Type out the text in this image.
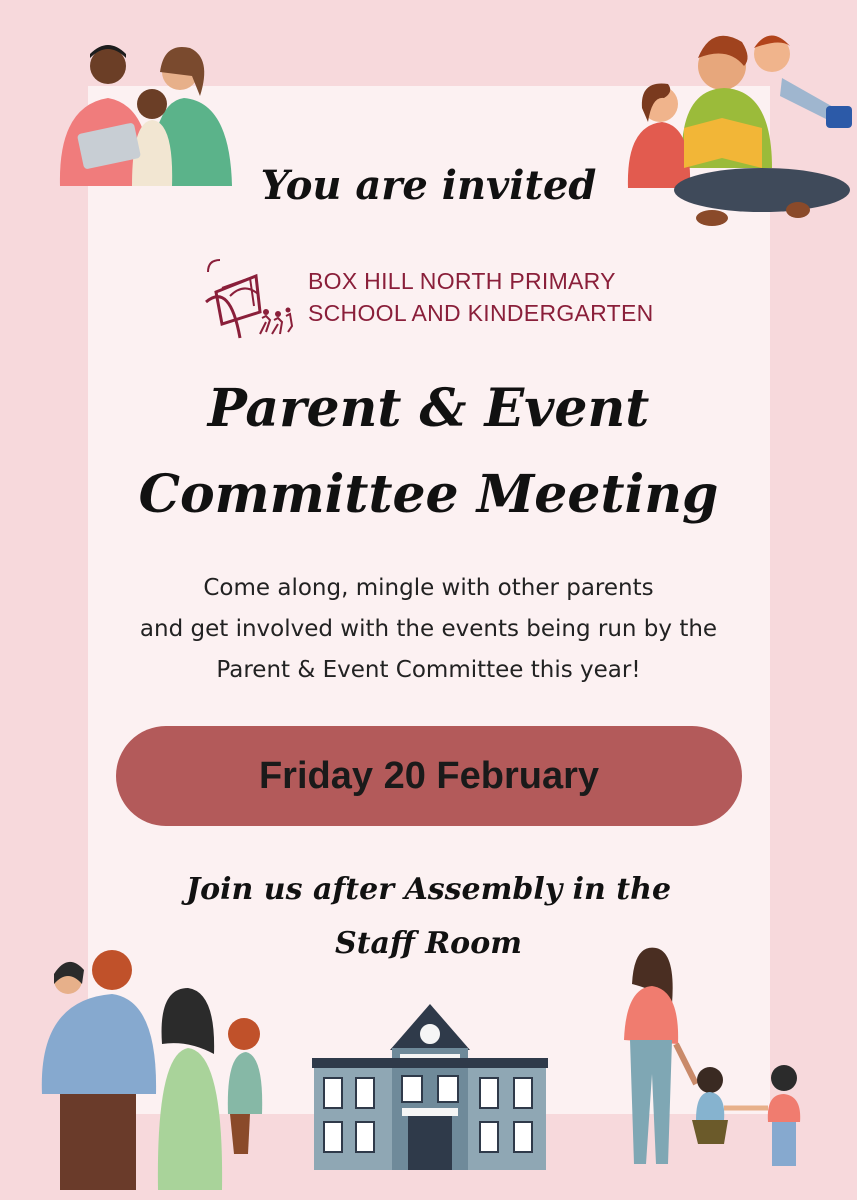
You are invited
BOX HILL NORTH PRIMARY
SCHOOL AND KINDERGARTEN
Parent & Event
Committee Meeting
Come along, mingle with other parents
and get involved with the events being run by the
Parent & Event Committee this year!
Friday 20 February
Join us after Assembly in the
Staff Room
